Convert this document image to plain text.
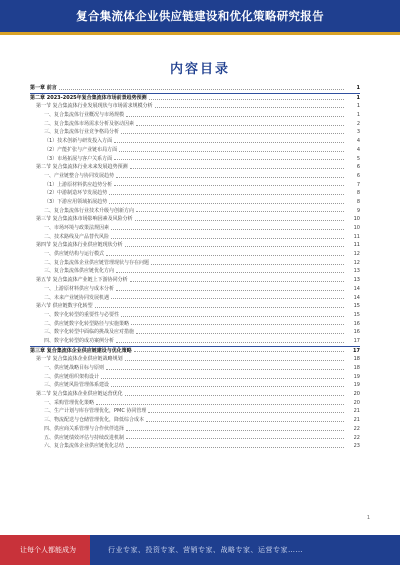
复合集流体企业供应链建设和优化策略研究报告
内容目录
第一章 前言	1
第二章 2023-2025年复合集流体市场前景趋势预测	1
第一节 复合集流体行业发展现状与市场需求规模分析	1
一、复合集流体行业概况与市场规模	1
二、复合集流体市场需求分析及驱动因素	2
三、复合集流体行业竞争格局分析	3
（1）技术创新与研发投入方面	4
（2）产能扩张与产业链布局方面	4
（3）市场拓展与客户关系方面	5
第二节 复合集流体行业未来发展趋势预测	6
一、产业链整合与协同发展趋势	6
（1）上游原材料供应趋势分析	7
（2）中游制造环节发展趋势	8
（3）下游应用领域拓展趋势	8
二、复合集流体行业技术升级与创新方向	9
第三节 复合集流体市场影响因素及风险分析	10
一、市场环境与政策法规因素	10
二、技术路线及产品替代风险	11
第四节 复合集流体行业供应链现状分析	11
一、供应链结构与运行模式	12
二、复合集流体企业供应链管理现状与存在问题	12
三、复合集流体供应链优化方向	13
第五节 复合集流体产业链上下游协同分析	13
一、上游原材料供应与成本分析	14
二、未来产业链协同发展机遇	14
第六节 供应链数字化转型	15
一、数字化转型的重要性与必要性	15
二、供应链数字化转型路径与实施策略	16
三、数字化转型中面临的挑战及应对措施	16
四、数字化转型的成功案例分析	17
第三章 复合集流体企业供应链建设与优化策略	17
第一节 复合集流体企业供应链战略规划	18
一、供应链战略目标与原则	18
二、供应链组织架构设计	19
三、供应链风险管理体系建设	19
第二节 复合集流体企业供应链运营优化	20
一、采购管理优化策略	20
二、生产计划与库存管理优化，PMC 协同管理	21
三、物流配送与仓储管理优化，降低综合成本	21
四、供应商关系管理与合作伙伴选择	22
五、供应链绩效评估与持续改进机制	22
六、复合集流体企业供应链优化总结	23
1
让每个人都能成为	行业专家、投资专家、营销专家、战略专家、运营专家……
